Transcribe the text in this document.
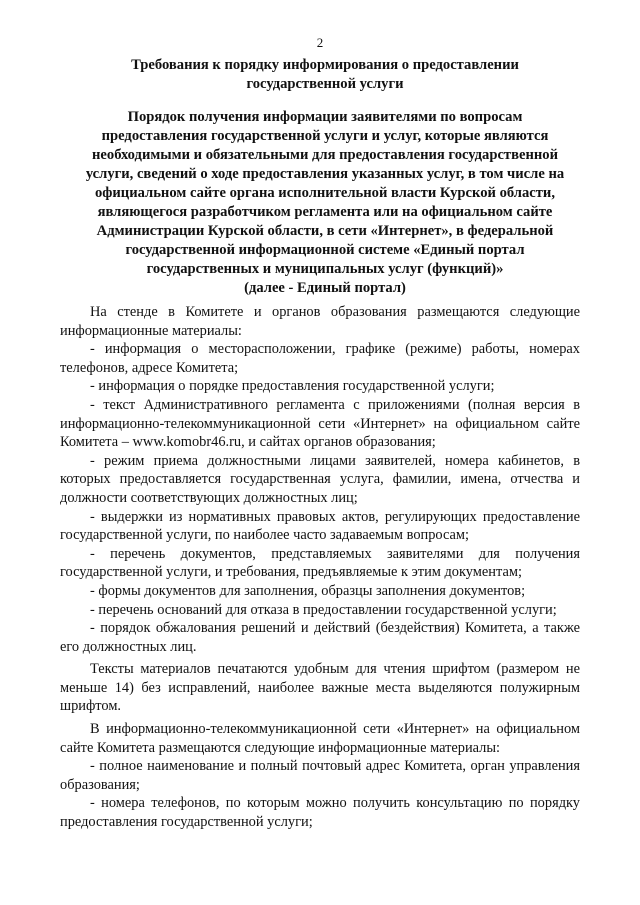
2
Требования к порядку информирования о предоставлении
государственной услуги
Порядок получения информации заявителями по вопросам
предоставления государственной услуги и услуг, которые являются
необходимыми и обязательными для предоставления государственной
услуги, сведений о ходе предоставления указанных услуг, в том числе на
официальном сайте органа исполнительной власти Курской области,
являющегося разработчиком регламента или на официальном сайте
Администрации Курской области, в сети «Интернет», в федеральной
государственной информационной системе «Единый портал
государственных и муниципальных услуг (функций)»
(далее - Единый портал)

На стенде в Комитете и органов образования размещаются следующие информационные материалы:

- информация о месторасположении, графике (режиме) работы, номерах телефонов, адресе Комитета;

- информация о порядке предоставления государственной услуги;

- текст Административного регламента с приложениями (полная версия в информационно-телекоммуникационной сети «Интернет» на официальном сайте Комитета – www.komobr46.ru, и сайтах органов образования;

- режим приема должностными лицами заявителей, номера кабинетов, в которых предоставляется государственная услуга, фамилии, имена, отчества и должности соответствующих должностных лиц;

- выдержки из нормативных правовых актов, регулирующих предоставление государственной услуги, по наиболее часто задаваемым вопросам;

- перечень документов, представляемых заявителями для получения государственной услуги, и требования, предъявляемые к этим документам;

- формы документов для заполнения, образцы заполнения документов;

- перечень оснований для отказа в предоставлении государственной услуги;

- порядок обжалования решений и действий (бездействия) Комитета, а также его должностных лиц.

Тексты материалов печатаются удобным для чтения шрифтом (размером не меньше 14) без исправлений, наиболее важные места выделяются полужирным шрифтом.

В информационно-телекоммуникационной сети «Интернет» на официальном сайте Комитета размещаются следующие информационные материалы:

- полное наименование и полный почтовый адрес Комитета, орган управления образования;

- номера телефонов, по которым можно получить консультацию по порядку предоставления государственной услуги;
